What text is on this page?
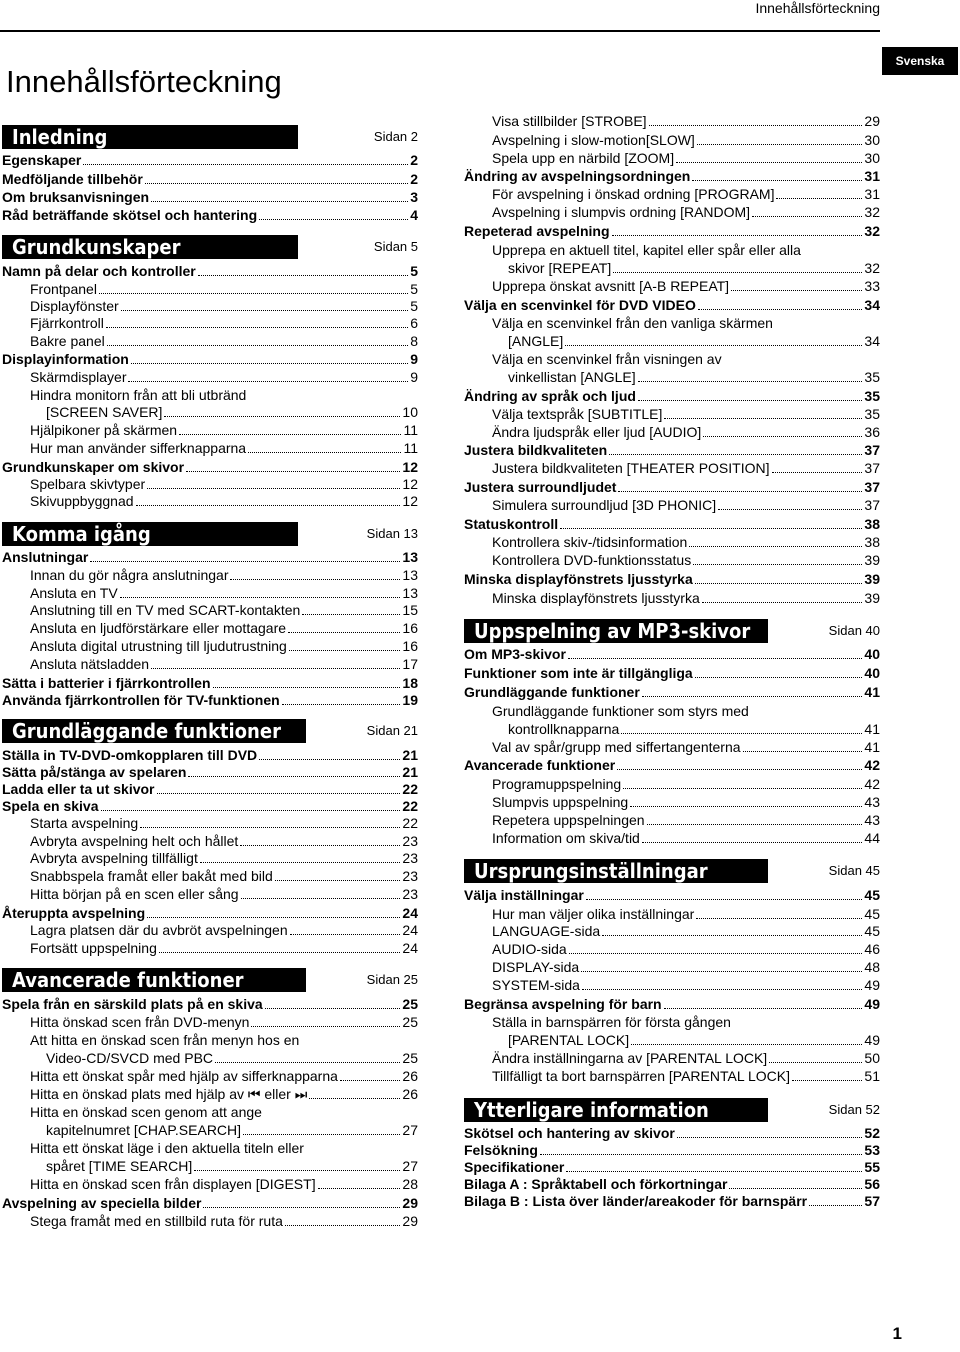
Innehållsförteckning
Svenska
Innehållsförteckning
Inledning	Sidan 2
Egenskaper	2
Medföljande tillbehör	2
Om bruksanvisningen	3
Råd beträffande skötsel och hantering	4
Grundkunskaper	Sidan 5
Namn på delar och kontroller	5
Frontpanel	5
Displayfönster	5
Fjärrkontroll	6
Bakre panel	8
Displayinformation	9
Skärmdisplayer	9
Hindra monitorn från att bli utbränd
[SCREEN SAVER]	10
Hjälpikoner på skärmen	11
Hur man använder sifferknapparna	11
Grundkunskaper om skivor	12
Spelbara skivtyper	12
Skivuppbyggnad	12
Komma igång	Sidan 13
Anslutningar	13
Innan du gör några anslutningar	13
Ansluta en TV	13
Anslutning till en TV med SCART-kontakten	15
Ansluta en ljudförstärkare eller mottagare	16
Ansluta digital utrustning till ljudutrustning	16
Ansluta nätsladden	17
Sätta i batterier i fjärrkontrollen	18
Använda fjärrkontrollen för TV-funktionen	19
Grundläggande funktioner	Sidan 21
Ställa in TV-DVD-omkopplaren till DVD	21
Sätta på/stänga av spelaren	21
Ladda eller ta ut skivor	22
Spela en skiva	22
Starta avspelning	22
Avbryta avspelning helt och hållet	23
Avbryta avspelning tillfälligt	23
Snabbspela framåt eller bakåt med bild	23
Hitta början på en scen eller sång	23
Återuppta avspelning	24
Lagra platsen där du avbröt avspelningen	24
Fortsätt uppspelning	24
Avancerade funktioner	Sidan 25
Spela från en särskild plats på en skiva	25
Hitta önskad scen från DVD-menyn	25
Att hitta en önskad scen från menyn hos en
Video-CD/SVCD med PBC	25
Hitta ett önskat spår med hjälp av sifferknapparna	26
Hitta en önskad plats med hjälp av ⏮ eller ⏭	26
Hitta en önskad scen genom att ange
kapitelnumret [CHAP.SEARCH]	27
Hitta ett önskat läge i den aktuella titeln eller
spåret [TIME SEARCH]	27
Hitta en önskad scen från displayen [DIGEST]	28
Avspelning av speciella bilder	29
Stega framåt med en stillbild ruta för ruta	29
Visa stillbilder [STROBE]	29
Avspelning i slow-motion[SLOW]	30
Spela upp en närbild [ZOOM]	30
Ändring av avspelningsordningen	31
För avspelning i önskad ordning [PROGRAM]	31
Avspelning i slumpvis ordning [RANDOM]	32
Repeterad avspelning	32
Upprepa en aktuell titel, kapitel eller spår eller alla
skivor [REPEAT]	32
Upprepa önskat avsnitt [A-B REPEAT]	33
Välja en scenvinkel för DVD VIDEO	34
Välja en scenvinkel från den vanliga skärmen
[ANGLE]	34
Välja en scenvinkel från visningen av
vinkellistan [ANGLE]	35
Ändring av språk och ljud	35
Välja textspråk [SUBTITLE]	35
Ändra ljudspråk eller ljud [AUDIO]	36
Justera bildkvaliteten	37
Justera bildkvaliteten [THEATER POSITION]	37
Justera surroundljudet	37
Simulera surroundljud [3D PHONIC]	37
Statuskontroll	38
Kontrollera skiv-/tidsinformation	38
Kontrollera DVD-funktionsstatus	39
Minska displayfönstrets ljusstyrka	39
Minska displayfönstrets ljusstyrka	39
Uppspelning av MP3-skivor	Sidan 40
Om MP3-skivor	40
Funktioner som inte är tillgängliga	40
Grundläggande funktioner	41
Grundläggande funktioner som styrs med
kontrollknapparna	41
Val av spår/grupp med siffertangenterna	41
Avancerade funktioner	42
Programuppspelning	42
Slumpvis uppspelning	43
Repetera uppspelningen	43
Information om skiva/tid	44
Ursprungsinställningar	Sidan 45
Välja inställningar	45
Hur man väljer olika inställningar	45
LANGUAGE-sida	45
AUDIO-sida	46
DISPLAY-sida	48
SYSTEM-sida	49
Begränsa avspelning för barn	49
Ställa in barnspärren för första gången
[PARENTAL LOCK]	49
Ändra inställningarna av [PARENTAL LOCK]	50
Tillfälligt ta bort barnspärren [PARENTAL LOCK]	51
Ytterligare information	Sidan 52
Skötsel och hantering av skivor	52
Felsökning	53
Specifikationer	55
Bilaga A : Språktabell och förkortningar	56
Bilaga B : Lista över länder/areakoder för barnspärr	57
1
